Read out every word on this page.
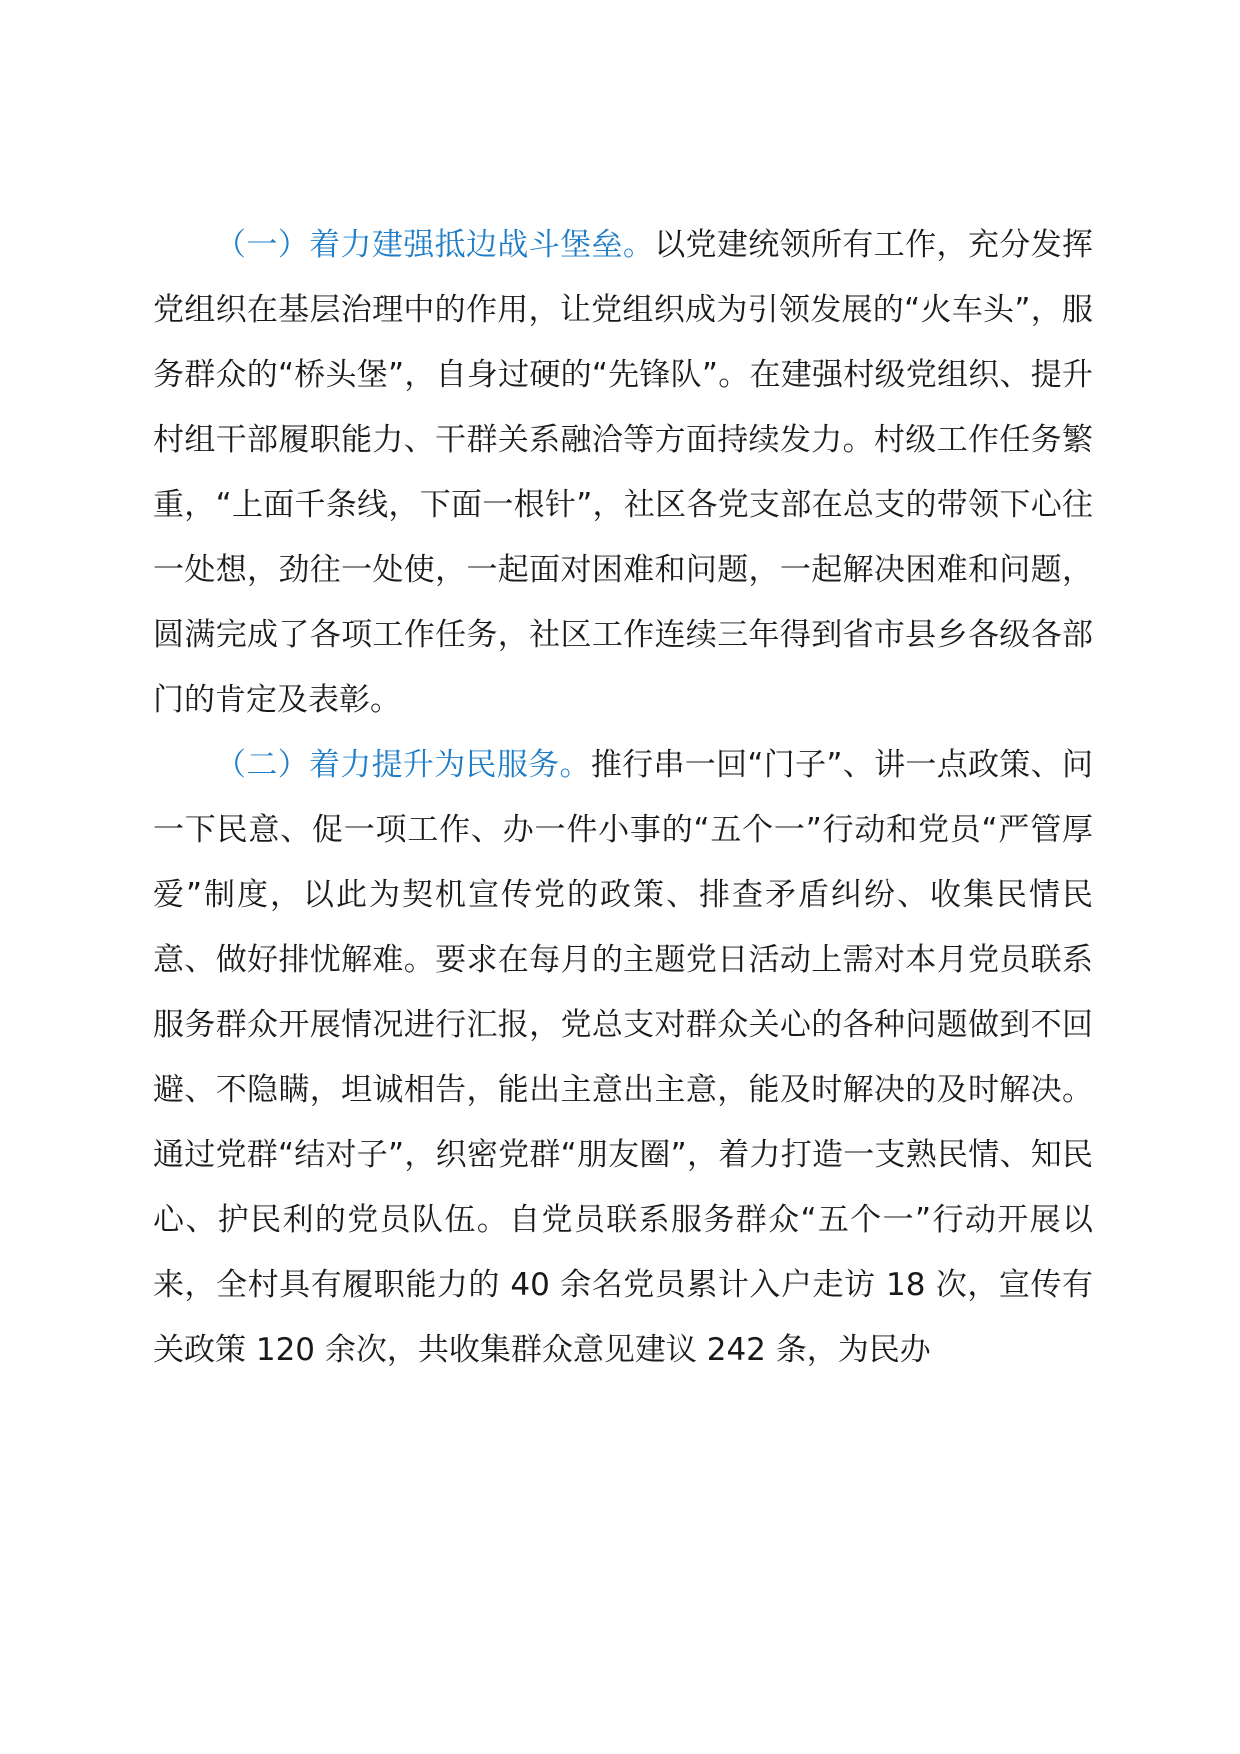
（一）着力建强抵边战斗堡垒。以党建统领所有工作，充分发挥党组织在基层治理中的作用，让党组织成为引领发展的“火车头”，服务群众的“桥头堡”，自身过硬的“先锋队”。在建强村级党组织、提升村组干部履职能力、干群关系融洽等方面持续发力。村级工作任务繁重，“上面千条线，下面一根针”，社区各党支部在总支的带领下心往一处想，劲往一处使，一起面对困难和问题，一起解决困难和问题，圆满完成了各项工作任务，社区工作连续三年得到省市县乡各级各部门的肯定及表彰。

（二）着力提升为民服务。推行串一回“门子”、讲一点政策、问一下民意、促一项工作、办一件小事的“五个一”行动和党员“严管厚爱”制度，以此为契机宣传党的政策、排查矛盾纠纷、收集民情民意、做好排忧解难。要求在每月的主题党日活动上需对本月党员联系服务群众开展情况进行汇报，党总支对群众关心的各种问题做到不回避、不隐瞒，坦诚相告，能出主意出主意，能及时解决的及时解决。通过党群“结对子”，织密党群“朋友圈”，着力打造一支熟民情、知民心、护民利的党员队伍。自党员联系服务群众“五个一”行动开展以来，全村具有履职能力的 40 余名党员累计入户走访 18 次，宣传有关政策 120 余次，共收集群众意见建议 242 条，为民办
